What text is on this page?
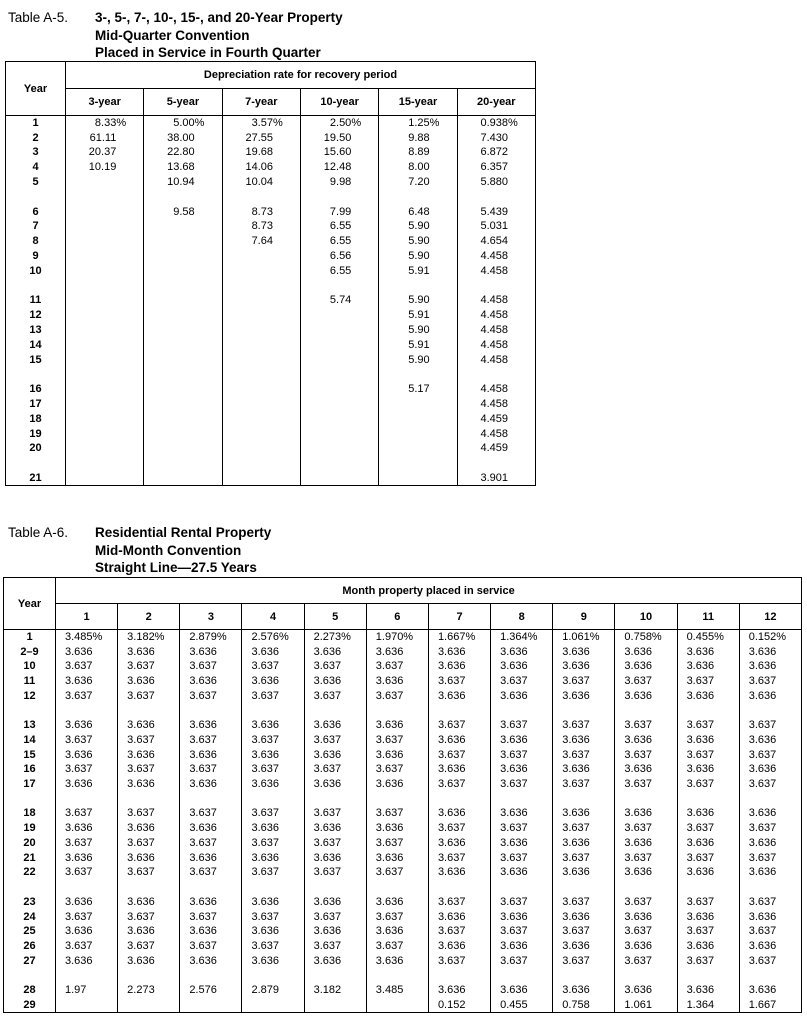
Table A-5.	3-, 5-, 7-, 10-, 15-, and 20-Year Property
Mid-Quarter Convention
Placed in Service in Fourth Quarter
Year	Depreciation rate for recovery period					
	3-year	5-year	7-year	10-year	15-year	20-year
1	8.33%	5.00%	3.57%	2.50%	1.25%	0.938%
2	61.11	38.00	27.55	19.50	9.88	7.430
3	20.37	22.80	19.68	15.60	8.89	6.872
4	10.19	13.68	14.06	12.48	8.00	6.357
5		10.94	10.04	9.98	7.20	5.880

6		9.58	8.73	7.99	6.48	5.439
7			8.73	6.55	5.90	5.031
8			7.64	6.55	5.90	4.654
9				6.56	5.90	4.458
10				6.55	5.91	4.458

11				5.74	5.90	4.458
12					5.91	4.458
13					5.90	4.458
14					5.91	4.458
15					5.90	4.458

16					5.17	4.458
17						4.458
18						4.459
19						4.458
20						4.459

21						3.901
Table A-6.	Residential Rental Property
Mid-Month Convention
Straight Line—27.5 Years
Year	Month property placed in service											
	1	2	3	4	5	6	7	8	9	10	11	12
1	3.485%	3.182%	2.879%	2.576%	2.273%	1.970%	1.667%	1.364%	1.061%	0.758%	0.455%	0.152%
2–9	3.636	3.636	3.636	3.636	3.636	3.636	3.636	3.636	3.636	3.636	3.636	3.636
10	3.637	3.637	3.637	3.637	3.637	3.637	3.636	3.636	3.636	3.636	3.636	3.636
11	3.636	3.636	3.636	3.636	3.636	3.636	3.637	3.637	3.637	3.637	3.637	3.637
12	3.637	3.637	3.637	3.637	3.637	3.637	3.636	3.636	3.636	3.636	3.636	3.636

13	3.636	3.636	3.636	3.636	3.636	3.636	3.637	3.637	3.637	3.637	3.637	3.637
14	3.637	3.637	3.637	3.637	3.637	3.637	3.636	3.636	3.636	3.636	3.636	3.636
15	3.636	3.636	3.636	3.636	3.636	3.636	3.637	3.637	3.637	3.637	3.637	3.637
16	3.637	3.637	3.637	3.637	3.637	3.637	3.636	3.636	3.636	3.636	3.636	3.636
17	3.636	3.636	3.636	3.636	3.636	3.636	3.637	3.637	3.637	3.637	3.637	3.637

18	3.637	3.637	3.637	3.637	3.637	3.637	3.636	3.636	3.636	3.636	3.636	3.636
19	3.636	3.636	3.636	3.636	3.636	3.636	3.637	3.637	3.637	3.637	3.637	3.637
20	3.637	3.637	3.637	3.637	3.637	3.637	3.636	3.636	3.636	3.636	3.636	3.636
21	3.636	3.636	3.636	3.636	3.636	3.636	3.637	3.637	3.637	3.637	3.637	3.637
22	3.637	3.637	3.637	3.637	3.637	3.637	3.636	3.636	3.636	3.636	3.636	3.636

23	3.636	3.636	3.636	3.636	3.636	3.636	3.637	3.637	3.637	3.637	3.637	3.637
24	3.637	3.637	3.637	3.637	3.637	3.637	3.636	3.636	3.636	3.636	3.636	3.636
25	3.636	3.636	3.636	3.636	3.636	3.636	3.637	3.637	3.637	3.637	3.637	3.637
26	3.637	3.637	3.637	3.637	3.637	3.637	3.636	3.636	3.636	3.636	3.636	3.636
27	3.636	3.636	3.636	3.636	3.636	3.636	3.637	3.637	3.637	3.637	3.637	3.637

28	1.97	2.273	2.576	2.879	3.182	3.485	3.636	3.636	3.636	3.636	3.636	3.636
29							0.152	0.455	0.758	1.061	1.364	1.667
